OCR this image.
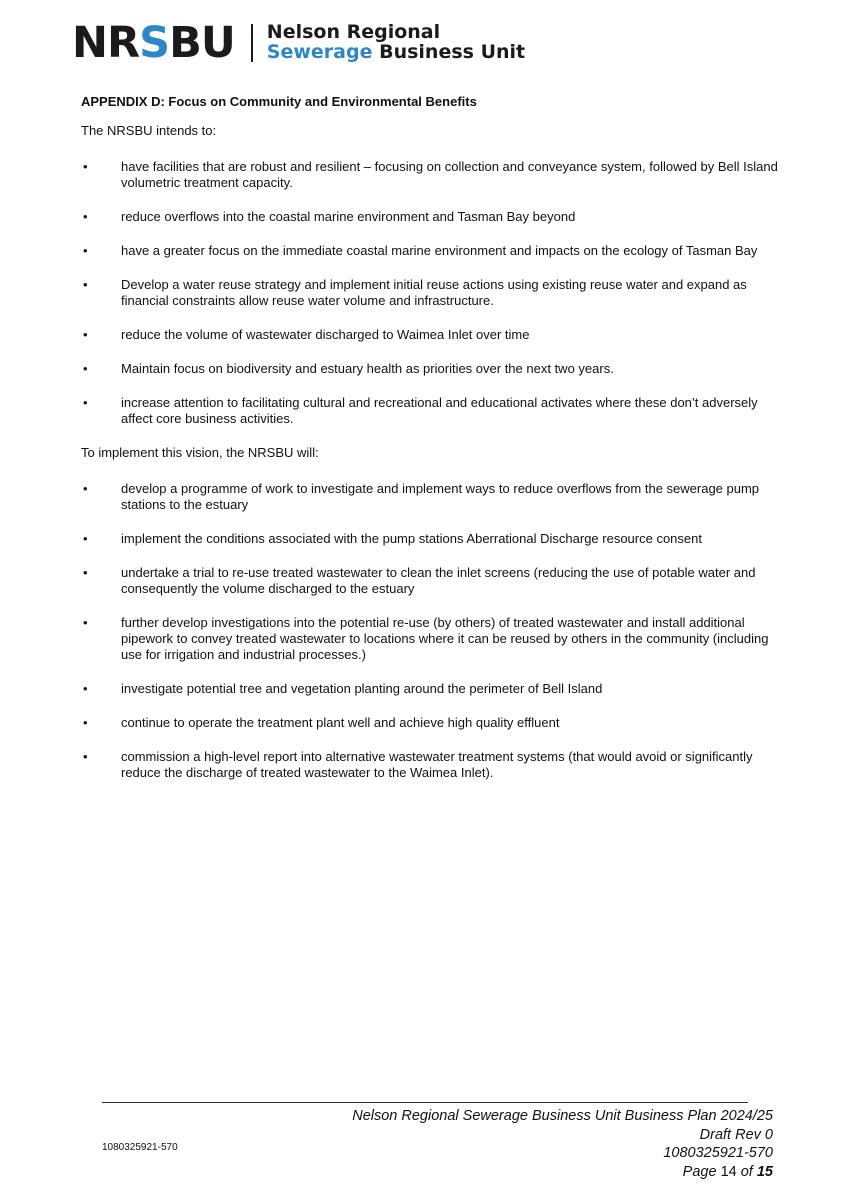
NRSBU Nelson Regional
Sewerage Business Unit

APPENDIX D: Focus on Community and Environmental Benefits

The NRSBU intends to:

•	have facilities that are robust and resilient – focusing on collection and conveyance system, followed by Bell Island volumetric treatment capacity.
•	reduce overflows into the coastal marine environment and Tasman Bay beyond
•	have a greater focus on the immediate coastal marine environment and impacts on the ecology of Tasman Bay
•	Develop a water reuse strategy and implement initial reuse actions using existing reuse water and expand as financial constraints allow reuse water volume and infrastructure.
•	reduce the volume of wastewater discharged to Waimea Inlet over time
•	Maintain focus on biodiversity and estuary health as priorities over the next two years.
•	increase attention to facilitating cultural and recreational and educational activates where these don’t adversely affect core business activities.

To implement this vision, the NRSBU will:

•	develop a programme of work to investigate and implement ways to reduce overflows from the sewerage pump stations to the estuary
•	implement the conditions associated with the pump stations Aberrational Discharge resource consent
•	undertake a trial to re-use treated wastewater to clean the inlet screens (reducing the use of potable water and consequently the volume discharged to the estuary
•	further develop investigations into the potential re-use (by others) of treated wastewater and install additional pipework to convey treated wastewater to locations where it can be reused by others in the community (including use for irrigation and industrial processes.)
•	investigate potential tree and vegetation planting around the perimeter of Bell Island
•	continue to operate the treatment plant well and achieve high quality effluent
•	commission a high-level report into alternative wastewater treatment systems (that would avoid or significantly reduce the discharge of treated wastewater to the Waimea Inlet).
1080325921-570
Nelson Regional Sewerage Business Unit Business Plan 2024/25
Draft Rev 0
1080325921-570
Page 14 of 15
